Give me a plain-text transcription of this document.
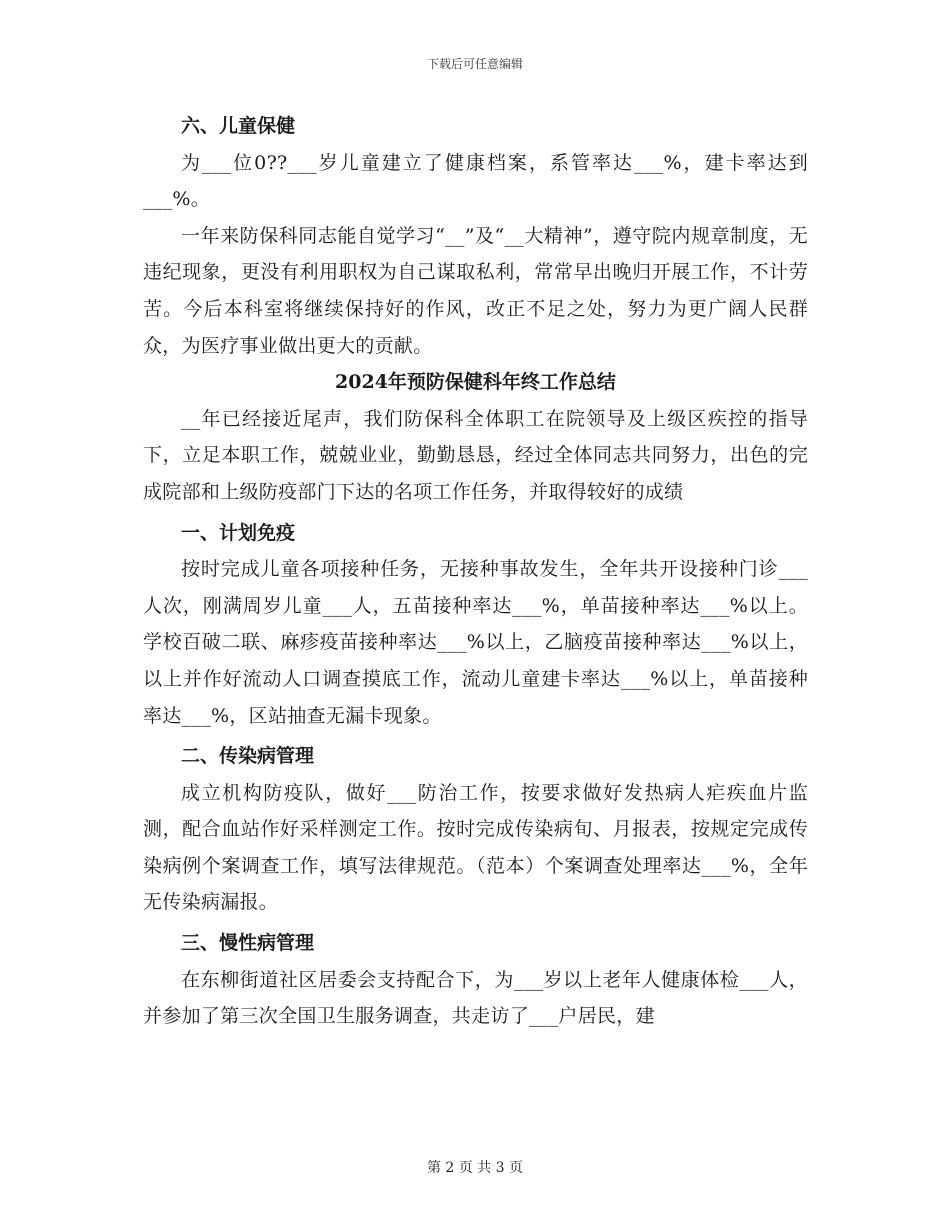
下载后可任意编辑
六、儿童保健

为___位0??___岁儿童建立了健康档案，系管率达___%，建卡率达到___%。

一年来防保科同志能自觉学习“__”及“__大精神”，遵守院内规章制度，无违纪现象，更没有利用职权为自己谋取私利，常常早出晚归开展工作，不计劳苦。今后本科室将继续保持好的作风，改正不足之处，努力为更广阔人民群众，为医疗事业做出更大的贡献。

2024年预防保健科年终工作总结

__年已经接近尾声，我们防保科全体职工在院领导及上级区疾控的指导下，立足本职工作，兢兢业业，勤勤恳恳，经过全体同志共同努力，出色的完成院部和上级防疫部门下达的名项工作任务，并取得较好的成绩

一、计划免疫

按时完成儿童各项接种任务，无接种事故发生，全年共开设接种门诊___人次，刚满周岁儿童___人，五苗接种率达___%，单苗接种率达___%以上。学校百破二联、麻疹疫苗接种率达___%以上，乙脑疫苗接种率达___%以上，以上并作好流动人口调查摸底工作，流动儿童建卡率达___%以上，单苗接种率达___%，区站抽查无漏卡现象。

二、传染病管理

成立机构防疫队，做好___防治工作，按要求做好发热病人疟疾血片监测，配合血站作好采样测定工作。按时完成传染病旬、月报表，按规定完成传染病例个案调查工作，填写法律规范。（范本）个案调查处理率达___%，全年无传染病漏报。

三、慢性病管理

在东柳街道社区居委会支持配合下，为___岁以上老年人健康体检___人，并参加了第三次全国卫生服务调查，共走访了___户居民，建

第 2 页 共 3 页
